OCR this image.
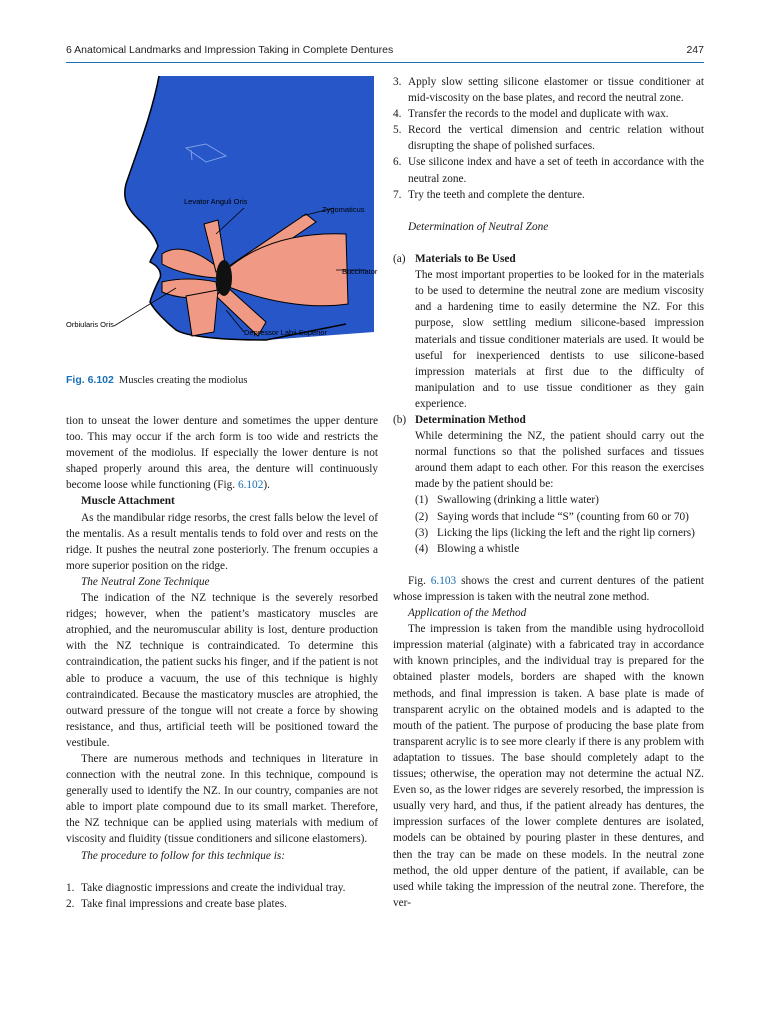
6 Anatomical Landmarks and Impression Taking in Complete Dentures	247
Levator Anguli Oris
Zygomaticus
Buccinator
Orbiularis Oris
Depressor Labii Superior
Fig. 6.102 Muscles creating the modiolus

tion to unseat the lower denture and sometimes the upper denture too. This may occur if the arch form is too wide and restricts the movement of the modiolus. If especially the lower denture is not shaped properly around this area, the denture will continuously become loose while functioning (Fig. 6.102).

Muscle Attachment

As the mandibular ridge resorbs, the crest falls below the level of the mentalis. As a result mentalis tends to fold over and rests on the ridge. It pushes the neutral zone posteriorly. The frenum occupies a more superior position on the ridge.

The Neutral Zone Technique

The indication of the NZ technique is the severely resorbed ridges; however, when the patient’s masticatory muscles are atrophied, and the neuromuscular ability is lost, denture production with the NZ technique is contraindicated. To determine this contraindication, the patient sucks his finger, and if the patient is not able to produce a vacuum, the use of this technique is highly contraindicated. Because the masticatory muscles are atrophied, the outward pressure of the tongue will not create a force by showing resistance, and thus, artificial teeth will be positioned toward the vestibule.

There are numerous methods and techniques in literature in connection with the neutral zone. In this technique, compound is generally used to identify the NZ. In our country, companies are not able to import plate compound due to its small market. Therefore, the NZ technique can be applied using materials with medium of viscosity and fluidity (tissue conditioners and silicone elastomers).

The procedure to follow for this technique is:

1. Take diagnostic impressions and create the individual tray.
2. Take final impressions and create base plates.
3. Apply slow setting silicone elastomer or tissue conditioner at mid-viscosity on the base plates, and record the neutral zone.
4. Transfer the records to the model and duplicate with wax.
5. Record the vertical dimension and centric relation without disrupting the shape of polished surfaces.
6. Use silicone index and have a set of teeth in accordance with the neutral zone.
7. Try the teeth and complete the denture.

Determination of Neutral Zone

(a) Materials to Be Used

The most important properties to be looked for in the materials to be used to determine the neutral zone are medium viscosity and a hardening time to easily determine the NZ. For this purpose, slow settling medium silicone-based impression materials and tissue conditioner materials are used. It would be useful for inexperienced dentists to use silicone-based impression materials at first due to the difficulty of manipulation and to use tissue conditioner as they gain experience.

(b) Determination Method

While determining the NZ, the patient should carry out the normal functions so that the polished surfaces and tissues around them adapt to each other. For this reason the exercises made by the patient should be:

(1) Swallowing (drinking a little water)
(2) Saying words that include “S” (counting from 60 or 70)
(3) Licking the lips (licking the left and the right lip corners)
(4) Blowing a whistle

Fig. 6.103 shows the crest and current dentures of the patient whose impression is taken with the neutral zone method.

Application of the Method

The impression is taken from the mandible using hydrocolloid impression material (alginate) with a fabricated tray in accordance with known principles, and the individual tray is prepared for the obtained plaster models, borders are shaped with the known methods, and final impression is taken. A base plate is made of transparent acrylic on the obtained models and is adapted to the mouth of the patient. The purpose of producing the base plate from transparent acrylic is to see more clearly if there is any problem with adaptation to tissues. The base should completely adapt to the tissues; otherwise, the operation may not determine the actual NZ. Even so, as the lower ridges are severely resorbed, the impression is usually very hard, and thus, if the patient already has dentures, the impression surfaces of the lower complete dentures are isolated, models can be obtained by pouring plaster in these dentures, and then the tray can be made on these models. In the neutral zone method, the old upper denture of the patient, if available, can be used while taking the impression of the neutral zone. Therefore, the ver-
